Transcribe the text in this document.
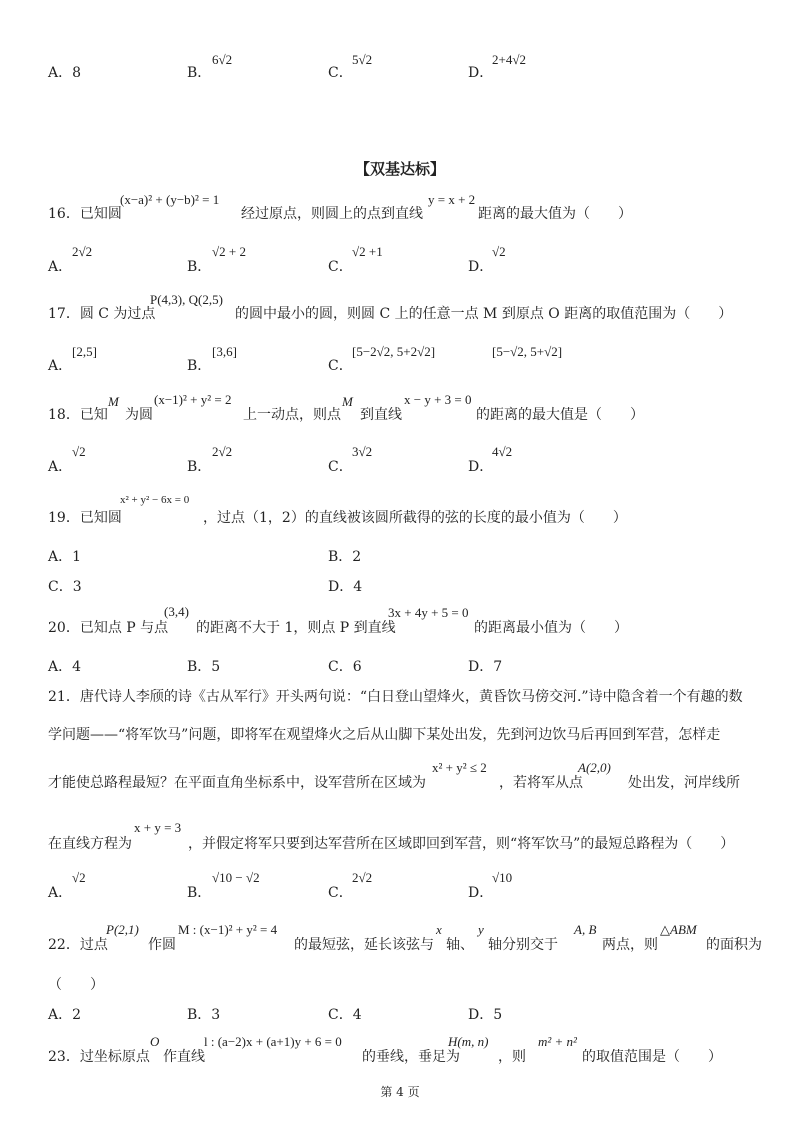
A．8	B．
6√2
C．
5√2
D．
2+4√2
【双基达标】
16．已知圆
(x−a)² + (y−b)² = 1
经过原点，则圆上的点到直线
y = x + 2
距离的最大值为（　　）
A．
2√2
B．
√2 + 2
C．
√2 +1
D．
√2
17．圆 C 为过点
P(4,3), Q(2,5)
的圆中最小的圆，则圆 C 上的任意一点 M 到原点 O 距离的取值范围为（　　）
A．
[2,5]
B．
[3,6]
C．
[5−2√2, 5+2√2]	[5−√2, 5+√2]
18．已知
M
为圆
(x−1)² + y² = 2
上一动点，则点
M
到直线
x − y + 3 = 0
的距离的最大值是（　　）
A．
√2
B．
2√2
C．
3√2
D．
4√2
19．已知圆
x² + y² − 6x = 0
，过点（1，2）的直线被该圆所截得的弦的长度的最小值为（　　）
A．1	B．2
C．3	D．4
20．已知点 P 与点
(3,4)
的距离不大于 1，则点 P 到直线
3x + 4y + 5 = 0
的距离最小值为（　　）
A．4	B．5	C．6	D．7
21．唐代诗人李颀的诗《古从军行》开头两句说：“白日登山望烽火，黄昏饮马傍交河.”诗中隐含着一个有趣的数
学问题——“将军饮马”问题，即将军在观望烽火之后从山脚下某处出发，先到河边饮马后再回到军营，怎样走
才能使总路程最短？在平面直角坐标系中，设军营所在区域为
x² + y² ≤ 2
，若将军从点
A(2,0)
处出发，河岸线所
在直线方程为
x + y = 3
，并假定将军只要到达军营所在区域即回到军营，则“将军饮马”的最短总路程为（　　）
A．
√2
B．
√10 − √2
C．
2√2
D．
√10
22．过点
P(2,1)
作圆
M : (x−1)² + y² = 4
的最短弦，延长该弦与
x
轴、
y
轴分别交于
A, B
两点，则
△ABM
的面积为
（　　）
A．2	B．3	C．4	D．5
23．过坐标原点
O
作直线
l : (a−2)x + (a+1)y + 6 = 0
的垂线，垂足为
H(m, n)
，则
m² + n²
的取值范围是（　　）
第 4 页
